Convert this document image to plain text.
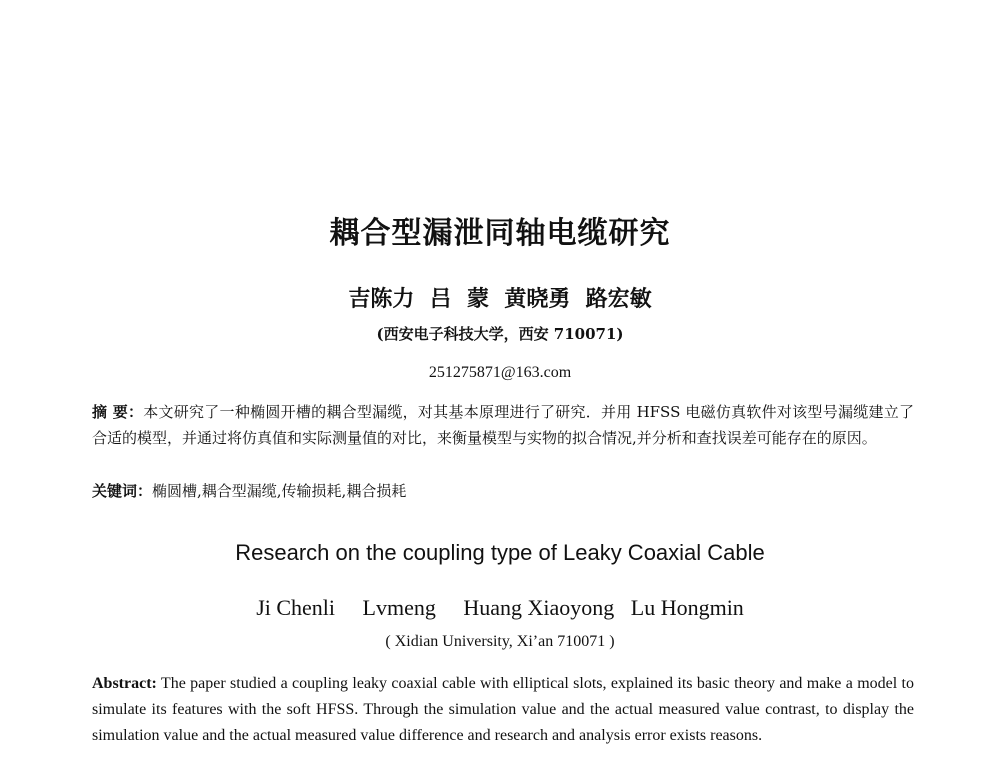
耦合型漏泄同轴电缆研究
吉陈力  吕  蒙  黄晓勇  路宏敏
(西安电子科技大学，西安 710071)
251275871@163.com
摘 要：本文研究了一种椭圆开槽的耦合型漏缆，对其基本原理进行了研究．并用 HFSS 电磁仿真软件对该型号漏缆建立了合适的模型，并通过将仿真值和实际测量值的对比，来衡量模型与实物的拟合情况,并分析和查找误差可能存在的原因。
关键词：椭圆槽,耦合型漏缆,传输损耗,耦合损耗
Research on the coupling type of Leaky Coaxial Cable
Ji Chenli     Lvmeng     Huang Xiaoyong   Lu Hongmin
( Xidian University, Xi’an 710071 )
Abstract: The paper studied a coupling leaky coaxial cable with elliptical slots, explained its basic theory and make a model to simulate its features with the soft HFSS. Through the simulation value and the actual measured value contrast, to display the simulation value and the actual measured value difference and research and analysis error exists reasons.
